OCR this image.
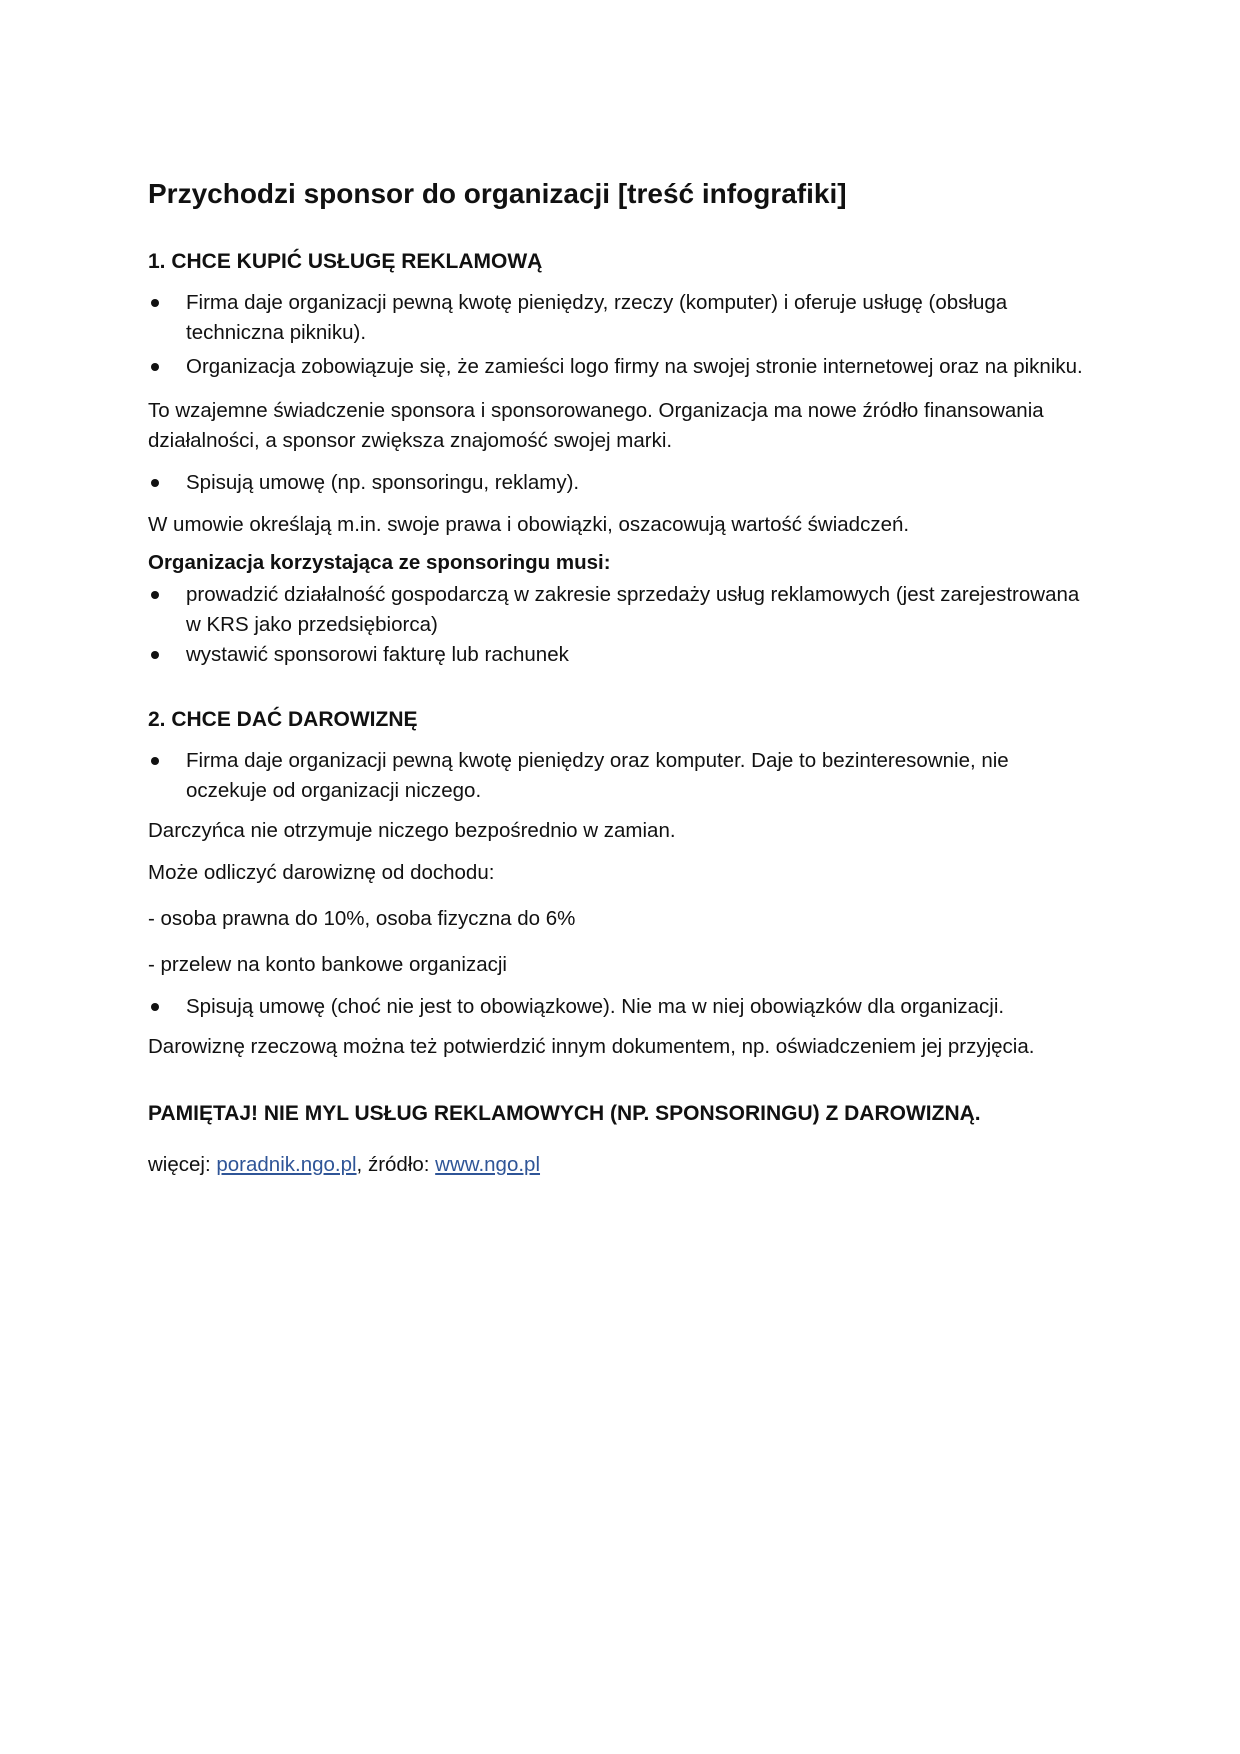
Przychodzi sponsor do organizacji [treść infografiki]
1. CHCE KUPIĆ USŁUGĘ REKLAMOWĄ
Firma daje organizacji pewną kwotę pieniędzy, rzeczy (komputer) i oferuje usługę (obsługa techniczna pikniku).
Organizacja zobowiązuje się, że zamieści logo firmy na swojej stronie internetowej oraz na pikniku.

To wzajemne świadczenie sponsora i sponsorowanego. Organizacja ma nowe źródło finansowania działalności, a sponsor zwiększa znajomość swojej marki.

Spisują umowę (np. sponsoringu, reklamy).

W umowie określają m.in. swoje prawa i obowiązki, oszacowują wartość świadczeń.

Organizacja korzystająca ze sponsoringu musi:

prowadzić działalność gospodarczą w zakresie sprzedaży usług reklamowych (jest zarejestrowana w KRS jako przedsiębiorca)
wystawić sponsorowi fakturę lub rachunek
2. CHCE DAĆ DAROWIZNĘ
Firma daje organizacji pewną kwotę pieniędzy oraz komputer. Daje to bezinteresownie, nie oczekuje od organizacji niczego.

Darczyńca nie otrzymuje niczego bezpośrednio w zamian.

Może odliczyć darowiznę od dochodu:

- osoba prawna do 10%, osoba fizyczna do 6%

- przelew na konto bankowe organizacji

Spisują umowę (choć nie jest to obowiązkowe). Nie ma w niej obowiązków dla organizacji.

Darowiznę rzeczową można też potwierdzić innym dokumentem, np. oświadczeniem jej przyjęcia.

PAMIĘTAJ! NIE MYL USŁUG REKLAMOWYCH (NP. SPONSORINGU) Z DAROWIZNĄ.

więcej: poradnik.ngo.pl, źródło: www.ngo.pl
